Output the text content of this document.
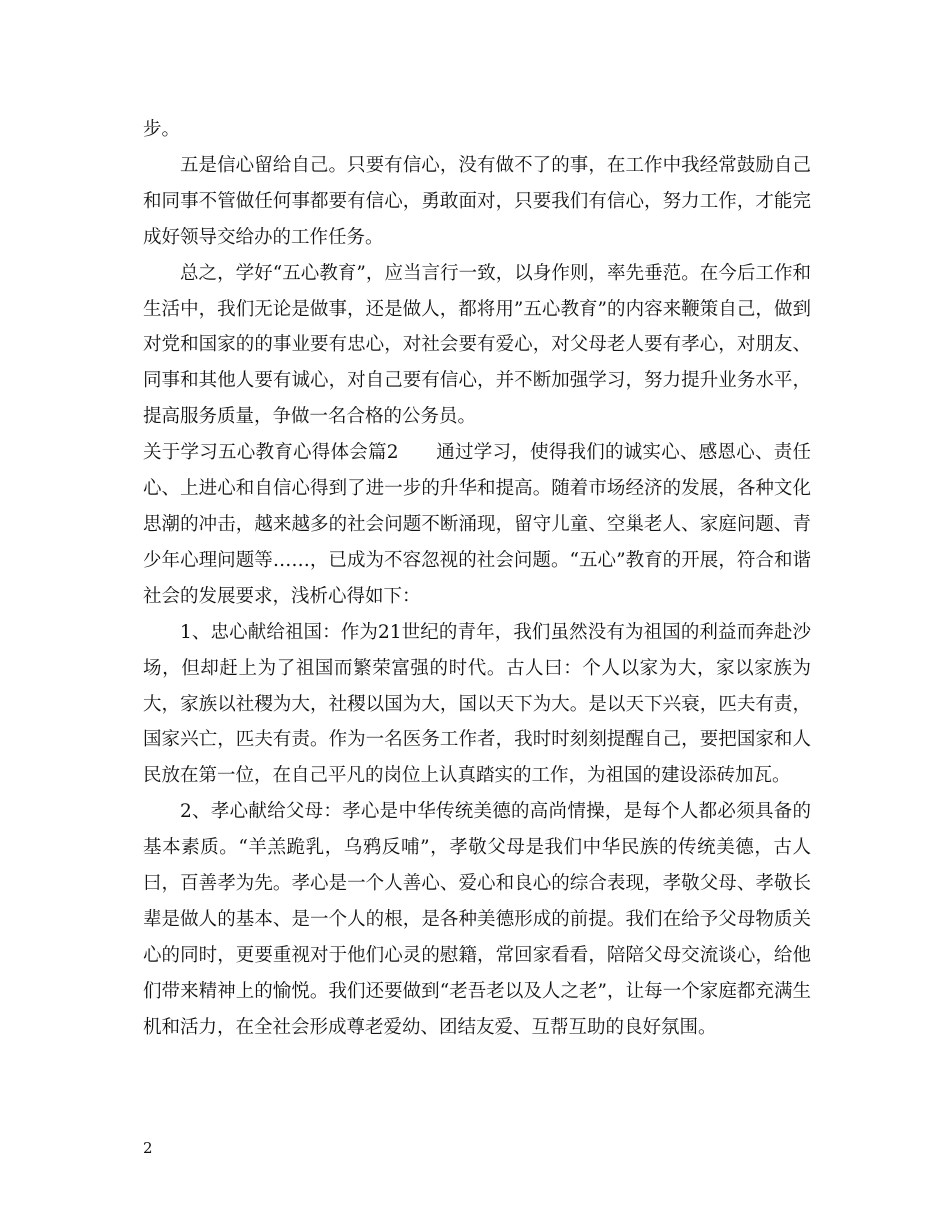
步。

五是信心留给自己。只要有信心，没有做不了的事，在工作中我经常鼓励自己和同事不管做任何事都要有信心，勇敢面对，只要我们有信心，努力工作，才能完成好领导交给办的工作任务。

总之，学好“五心教育”，应当言行一致，以身作则，率先垂范。在今后工作和生活中，我们无论是做事，还是做人，都将用”五心教育”的内容来鞭策自己，做到对党和国家的的事业要有忠心，对社会要有爱心，对父母老人要有孝心，对朋友、同事和其他人要有诚心，对自己要有信心，并不断加强学习，努力提升业务水平，提高服务质量，争做一名合格的公务员。

关于学习五心教育心得体会篇2　　通过学习，使得我们的诚实心、感恩心、责任心、上进心和自信心得到了进一步的升华和提高。随着市场经济的发展，各种文化思潮的冲击，越来越多的社会问题不断涌现，留守儿童、空巢老人、家庭问题、青少年心理问题等……，已成为不容忽视的社会问题。“五心”教育的开展，符合和谐社会的发展要求，浅析心得如下：

1、忠心献给祖国：作为21世纪的青年，我们虽然没有为祖国的利益而奔赴沙场，但却赶上为了祖国而繁荣富强的时代。古人曰：个人以家为大，家以家族为大，家族以社稷为大，社稷以国为大，国以天下为大。是以天下兴衰，匹夫有责，国家兴亡，匹夫有责。作为一名医务工作者，我时时刻刻提醒自己，要把国家和人民放在第一位，在自己平凡的岗位上认真踏实的工作，为祖国的建设添砖加瓦。

2、孝心献给父母：孝心是中华传统美德的高尚情操，是每个人都必须具备的基本素质。“羊羔跪乳，乌鸦反哺”，孝敬父母是我们中华民族的传统美德，古人曰，百善孝为先。孝心是一个人善心、爱心和良心的综合表现，孝敬父母、孝敬长辈是做人的基本、是一个人的根，是各种美德形成的前提。我们在给予父母物质关心的同时，更要重视对于他们心灵的慰籍，常回家看看，陪陪父母交流谈心，给他们带来精神上的愉悦。我们还要做到“老吾老以及人之老”，让每一个家庭都充满生机和活力，在全社会形成尊老爱幼、团结友爱、互帮互助的良好氛围。

2
